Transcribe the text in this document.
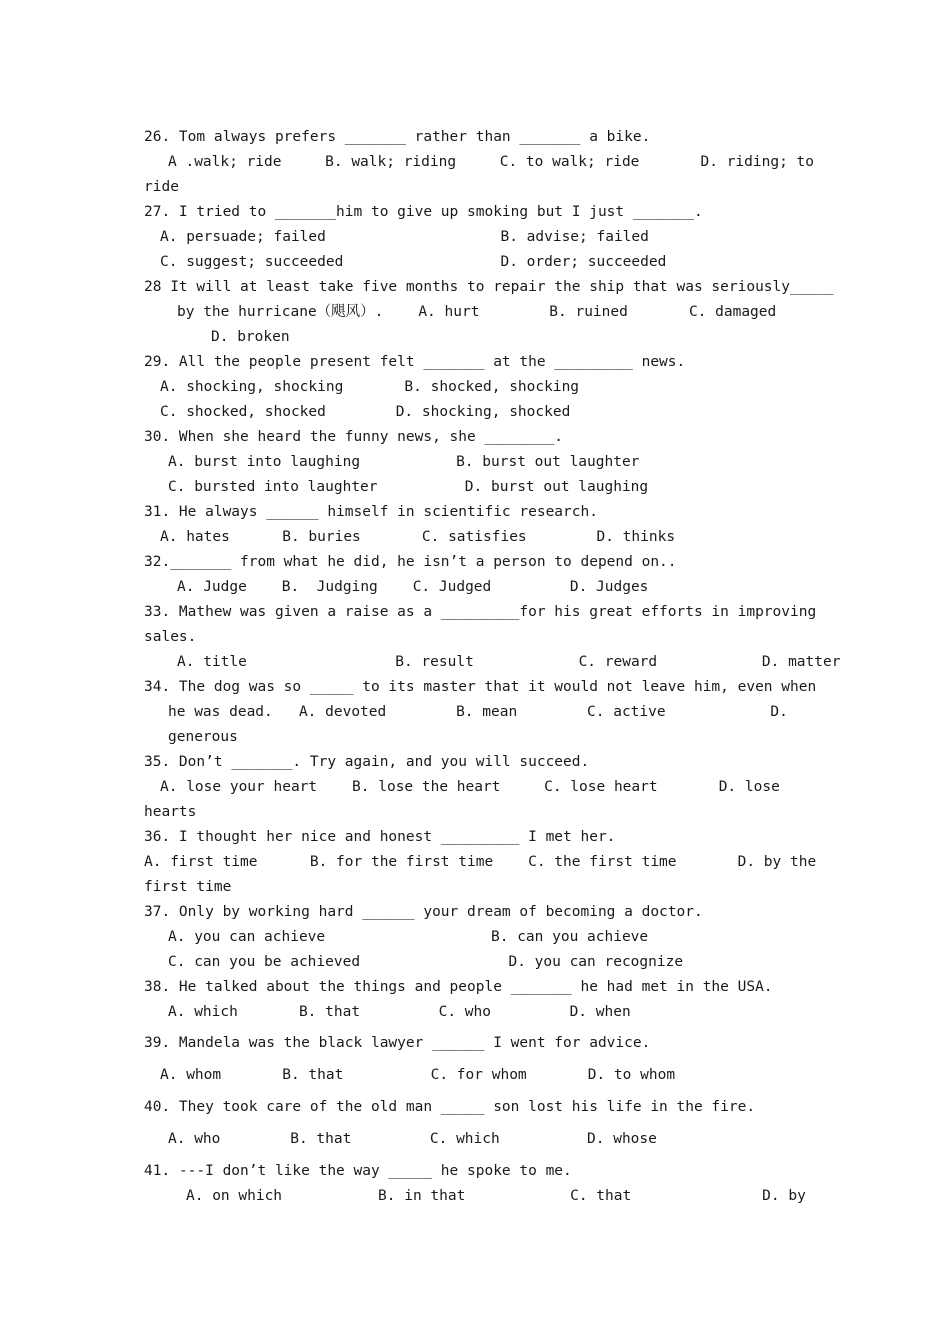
26. Tom always prefers _______ rather than _______ a bike.
A .walk; ride     B. walk; riding     C. to walk; ride       D. riding; to
ride
27. I tried to _______him to give up smoking but I just _______.
A. persuade; failed                    B. advise; failed
C. suggest; succeeded                  D. order; succeeded
28 It will at least take five months to repair the ship that was seriously_____
by the hurricane（飓风）.    A. hurt        B. ruined       C. damaged
D. broken
29. All the people present felt _______ at the _________ news.
A. shocking, shocking       B. shocked, shocking
C. shocked, shocked        D. shocking, shocked
30. When she heard the funny news, she ________.
A. burst into laughing           B. burst out laughter
C. bursted into laughter          D. burst out laughing
31. He always ______ himself in scientific research.
A. hates      B. buries       C. satisfies        D. thinks
32._______ from what he did, he isn’t a person to depend on..
A. Judge    B.  Judging    C. Judged         D. Judges
33. Mathew was given a raise as a _________for his great efforts in improving
sales.
A. title                 B. result            C. reward            D. matter
34. The dog was so _____ to its master that it would not leave him, even when
he was dead.   A. devoted        B. mean        C. active            D.
generous
35. Don’t _______. Try again, and you will succeed.
A. lose your heart    B. lose the heart     C. lose heart       D. lose
hearts
36. I thought her nice and honest _________ I met her.
A. first time      B. for the first time    C. the first time       D. by the
first time
37. Only by working hard ______ your dream of becoming a doctor.
A. you can achieve                   B. can you achieve
C. can you be achieved                 D. you can recognize
38. He talked about the things and people _______ he had met in the USA.
A. which       B. that         C. who         D. when
39. Mandela was the black lawyer ______ I went for advice.
A. whom       B. that          C. for whom       D. to whom
40. They took care of the old man _____ son lost his life in the fire.
A. who        B. that         C. which          D. whose
41. ---I don’t like the way _____ he spoke to me.
A. on which           B. in that            C. that               D. by
